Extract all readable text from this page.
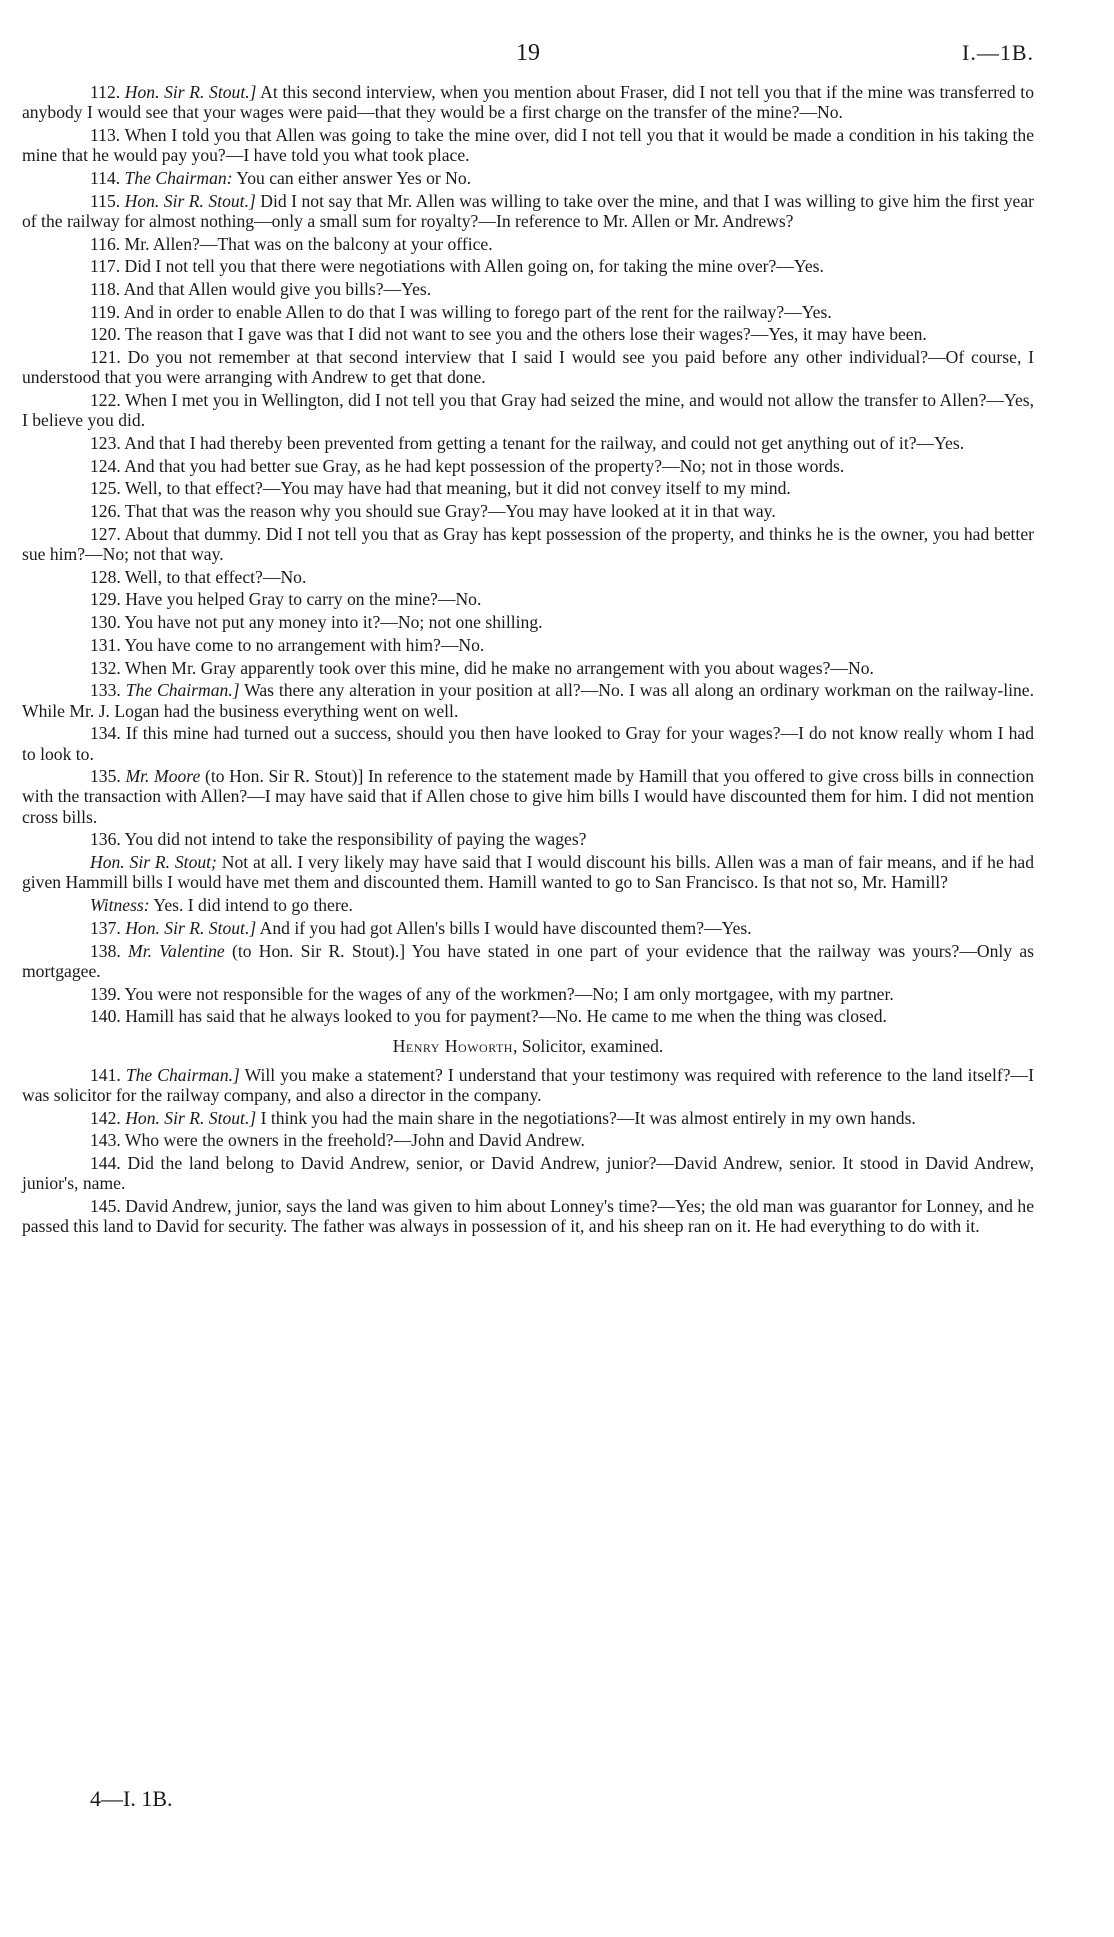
19	I.—1B.

112. Hon. Sir R. Stout.] At this second interview, when you mention about Fraser, did I not tell you that if the mine was transferred to anybody I would see that your wages were paid—that they would be a first charge on the transfer of the mine?—No.

113. When I told you that Allen was going to take the mine over, did I not tell you that it would be made a condition in his taking the mine that he would pay you?—I have told you what took place.

114. The Chairman: You can either answer Yes or No.

115. Hon. Sir R. Stout.] Did I not say that Mr. Allen was willing to take over the mine, and that I was willing to give him the first year of the railway for almost nothing—only a small sum for royalty?—In reference to Mr. Allen or Mr. Andrews?

116. Mr. Allen?—That was on the balcony at your office.

117. Did I not tell you that there were negotiations with Allen going on, for taking the mine over?—Yes.

118. And that Allen would give you bills?—Yes.

119. And in order to enable Allen to do that I was willing to forego part of the rent for the railway?—Yes.

120. The reason that I gave was that I did not want to see you and the others lose their wages?—Yes, it may have been.

121. Do you not remember at that second interview that I said I would see you paid before any other individual?—Of course, I understood that you were arranging with Andrew to get that done.

122. When I met you in Wellington, did I not tell you that Gray had seized the mine, and would not allow the transfer to Allen?—Yes, I believe you did.

123. And that I had thereby been prevented from getting a tenant for the railway, and could not get anything out of it?—Yes.

124. And that you had better sue Gray, as he had kept possession of the property?—No; not in those words.

125. Well, to that effect?—You may have had that meaning, but it did not convey itself to my mind.

126. That that was the reason why you should sue Gray?—You may have looked at it in that way.

127. About that dummy. Did I not tell you that as Gray has kept possession of the property, and thinks he is the owner, you had better sue him?—No; not that way.

128. Well, to that effect?—No.

129. Have you helped Gray to carry on the mine?—No.

130. You have not put any money into it?—No; not one shilling.

131. You have come to no arrangement with him?—No.

132. When Mr. Gray apparently took over this mine, did he make no arrangement with you about wages?—No.

133. The Chairman.] Was there any alteration in your position at all?—No. I was all along an ordinary workman on the railway-line. While Mr. J. Logan had the business everything went on well.

134. If this mine had turned out a success, should you then have looked to Gray for your wages?—I do not know really whom I had to look to.

135. Mr. Moore (to Hon. Sir R. Stout)] In reference to the statement made by Hamill that you offered to give cross bills in connection with the transaction with Allen?—I may have said that if Allen chose to give him bills I would have discounted them for him. I did not mention cross bills.

136. You did not intend to take the responsibility of paying the wages?

Hon. Sir R. Stout; Not at all. I very likely may have said that I would discount his bills. Allen was a man of fair means, and if he had given Hammill bills I would have met them and discounted them. Hamill wanted to go to San Francisco. Is that not so, Mr. Hamill?

Witness: Yes. I did intend to go there.

137. Hon. Sir R. Stout.] And if you had got Allen's bills I would have discounted them?—Yes.

138. Mr. Valentine (to Hon. Sir R. Stout).] You have stated in one part of your evidence that the railway was yours?—Only as mortgagee.

139. You were not responsible for the wages of any of the workmen?—No; I am only mortgagee, with my partner.

140. Hamill has said that he always looked to you for payment?—No. He came to me when the thing was closed.

Henry Howorth, Solicitor, examined.

141. The Chairman.] Will you make a statement? I understand that your testimony was required with reference to the land itself?—I was solicitor for the railway company, and also a director in the company.

142. Hon. Sir R. Stout.] I think you had the main share in the negotiations?—It was almost entirely in my own hands.

143. Who were the owners in the freehold?—John and David Andrew.

144. Did the land belong to David Andrew, senior, or David Andrew, junior?—David Andrew, senior. It stood in David Andrew, junior's, name.

145. David Andrew, junior, says the land was given to him about Lonney's time?—Yes; the old man was guarantor for Lonney, and he passed this land to David for security. The father was always in possession of it, and his sheep ran on it. He had everything to do with it.

4—I. 1B.
